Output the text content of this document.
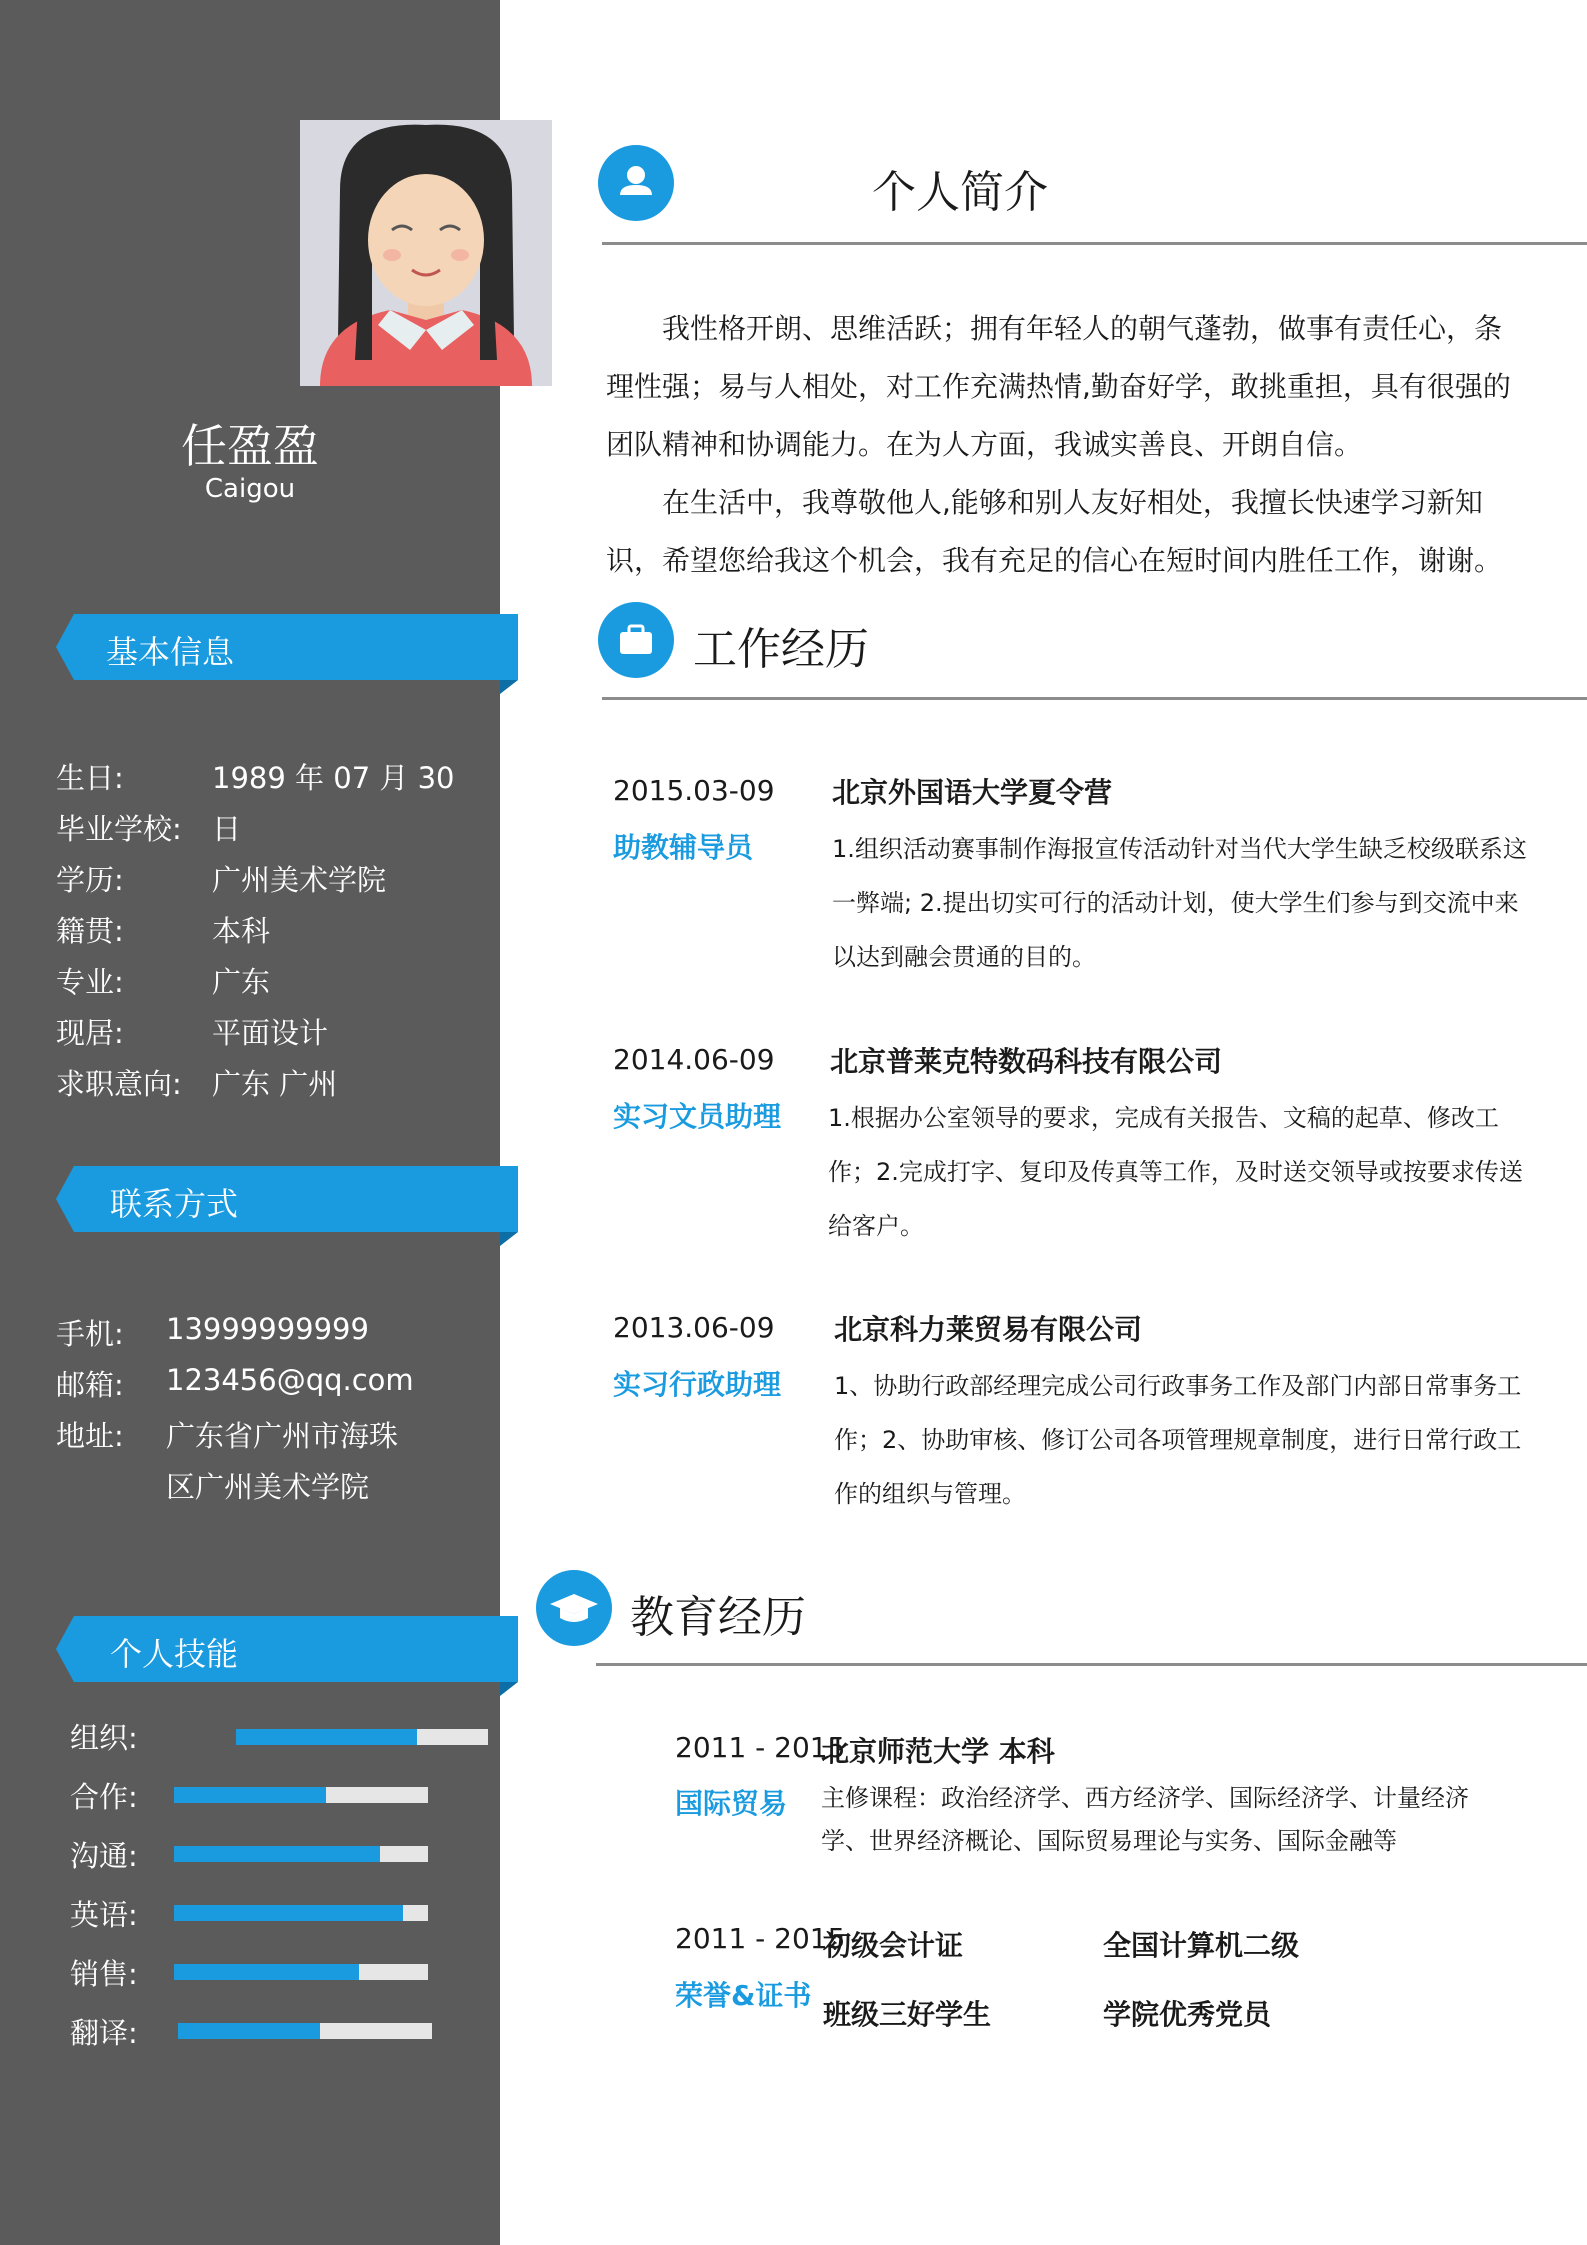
任盈盈
Caigou
基本信息
生日:	1989 年 07 月 30
毕业学校: 日
学历:	广州美术学院
籍贯:	本科
专业:	广东
现居:	平面设计
求职意向: 广东 广州
联系方式
手机: 13999999999
邮箱: 123456@qq.com
地址: 广东省广州市海珠
区广州美术学院
个人技能
组织:
合作:
沟通:
英语:
销售:
翻译:
个人简介

我性格开朗、思维活跃；拥有年轻人的朝气蓬勃，做事有责任心，条理性强；易与人相处，对工作充满热情,勤奋好学，敢挑重担，具有很强的团队精神和协调能力。在为人方面，我诚实善良、开朗自信。

在生活中，我尊敬他人,能够和别人友好相处，我擅长快速学习新知识，希望您给我这个机会，我有充足的信心在短时间内胜任工作，谢谢。

工作经历
2015.03-09
助教辅导员
北京外国语大学夏令营
1.组织活动赛事制作海报宣传活动针对当代大学生缺乏校级联系这一弊端; 2.提出切实可行的活动计划，使大学生们参与到交流中来以达到融会贯通的目的。
2014.06-09
实习文员助理
北京普莱克特数码科技有限公司
1.根据办公室领导的要求，完成有关报告、文稿的起草、修改工作；2.完成打字、复印及传真等工作，及时送交领导或按要求传送给客户。
2013.06-09
实习行政助理
北京科力莱贸易有限公司
1、协助行政部经理完成公司行政事务工作及部门内部日常事务工作；2、协助审核、修订公司各项管理规章制度，进行日常行政工作的组织与管理。
教育经历
2011 - 2015
国际贸易
北京师范大学 本科
主修课程：政治经济学、西方经济学、国际经济学、计量经济学、世界经济概论、国际贸易理论与实务、国际金融等
2011 - 2015
荣誉&证书
初级会计证	全国计算机二级
班级三好学生	学院优秀党员
